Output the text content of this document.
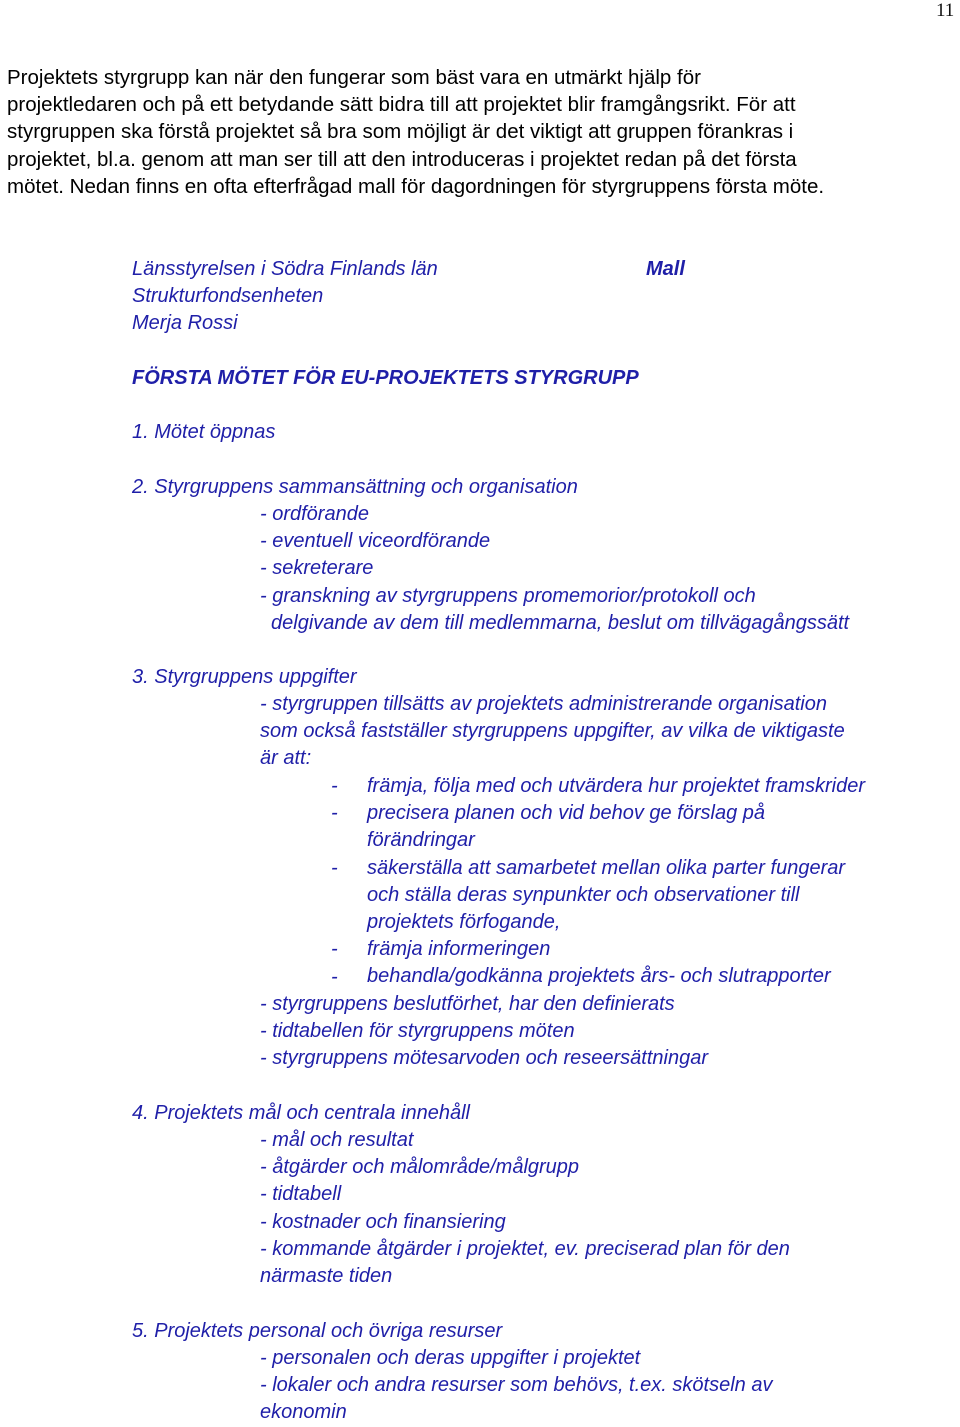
11
Projektets styrgrupp kan när den fungerar som bäst vara en utmärkt hjälp för
projektledaren och på ett betydande sätt bidra till att projektet blir framgångsrikt. För att
styrgruppen ska förstå projektet så bra som möjligt är det viktigt att gruppen förankras i
projektet, bl.a. genom att man ser till att den introduceras i projektet redan på det första
mötet. Nedan finns en ofta efterfrågad mall för dagordningen för styrgruppens första möte.
Länsstyrelsen i Södra Finlands län
Strukturfondsenheten
Merja Rossi
Mall
FÖRSTA MÖTET FÖR EU-PROJEKTETS STYRGRUPP
1. Mötet öppnas
2. Styrgruppens sammansättning och organisation
- ordförande
- eventuell viceordförande
- sekreterare
- granskning av styrgruppens promemorior/protokoll och
delgivande av dem till medlemmarna, beslut om tillvägagångssätt
3. Styrgruppens uppgifter
- styrgruppen tillsätts av projektets administrerande organisation
som också fastställer styrgruppens uppgifter, av vilka de viktigaste
är att:
-
-
-
-
-
främja, följa med och utvärdera hur projektet framskrider
precisera planen och vid behov ge förslag på
förändringar
säkerställa att samarbetet mellan olika parter fungerar
och ställa deras synpunkter och observationer till
projektets förfogande,
främja informeringen
behandla/godkänna projektets års- och slutrapporter
- styrgruppens beslutförhet, har den definierats
- tidtabellen för styrgruppens möten
- styrgruppens mötesarvoden och reseersättningar
4. Projektets mål och centrala innehåll
- mål och resultat
- åtgärder och målområde/målgrupp
- tidtabell
- kostnader och finansiering
- kommande åtgärder i projektet, ev. preciserad plan för den
närmaste tiden
5. Projektets personal och övriga resurser
- personalen och deras uppgifter i projektet
- lokaler och andra resurser som behövs, t.ex. skötseln av
ekonomin
